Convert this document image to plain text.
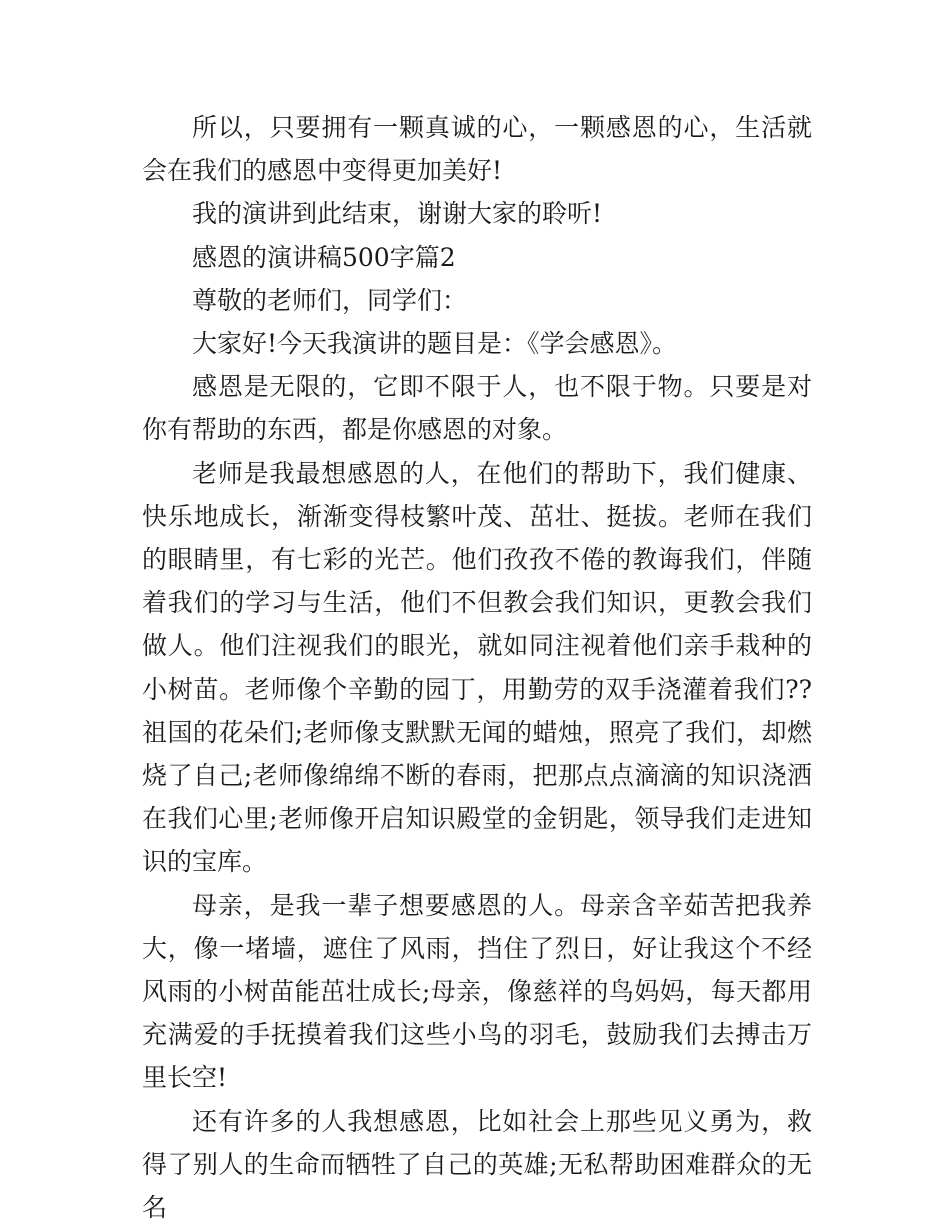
所以，只要拥有一颗真诚的心，一颗感恩的心，生活就会在我们的感恩中变得更加美好!

我的演讲到此结束，谢谢大家的聆听!

感恩的演讲稿500字篇2

尊敬的老师们，同学们：

大家好!今天我演讲的题目是：《学会感恩》。

感恩是无限的，它即不限于人，也不限于物。只要是对你有帮助的东西，都是你感恩的对象。

老师是我最想感恩的人，在他们的帮助下，我们健康、快乐地成长，渐渐变得枝繁叶茂、茁壮、挺拔。老师在我们的眼睛里，有七彩的光芒。他们孜孜不倦的教诲我们，伴随着我们的学习与生活，他们不但教会我们知识，更教会我们做人。他们注视我们的眼光，就如同注视着他们亲手栽种的小树苗。老师像个辛勤的园丁，用勤劳的双手浇灌着我们??祖国的花朵们;老师像支默默无闻的蜡烛，照亮了我们，却燃烧了自己;老师像绵绵不断的春雨，把那点点滴滴的知识浇洒在我们心里;老师像开启知识殿堂的金钥匙，领导我们走进知识的宝库。

母亲，是我一辈子想要感恩的人。母亲含辛茹苦把我养大，像一堵墙，遮住了风雨，挡住了烈日，好让我这个不经风雨的小树苗能茁壮成长;母亲，像慈祥的鸟妈妈，每天都用充满爱的手抚摸着我们这些小鸟的羽毛，鼓励我们去搏击万里长空!

还有许多的人我想感恩，比如社会上那些见义勇为，救得了别人的生命而牺牲了自己的英雄;无私帮助困难群众的无名
